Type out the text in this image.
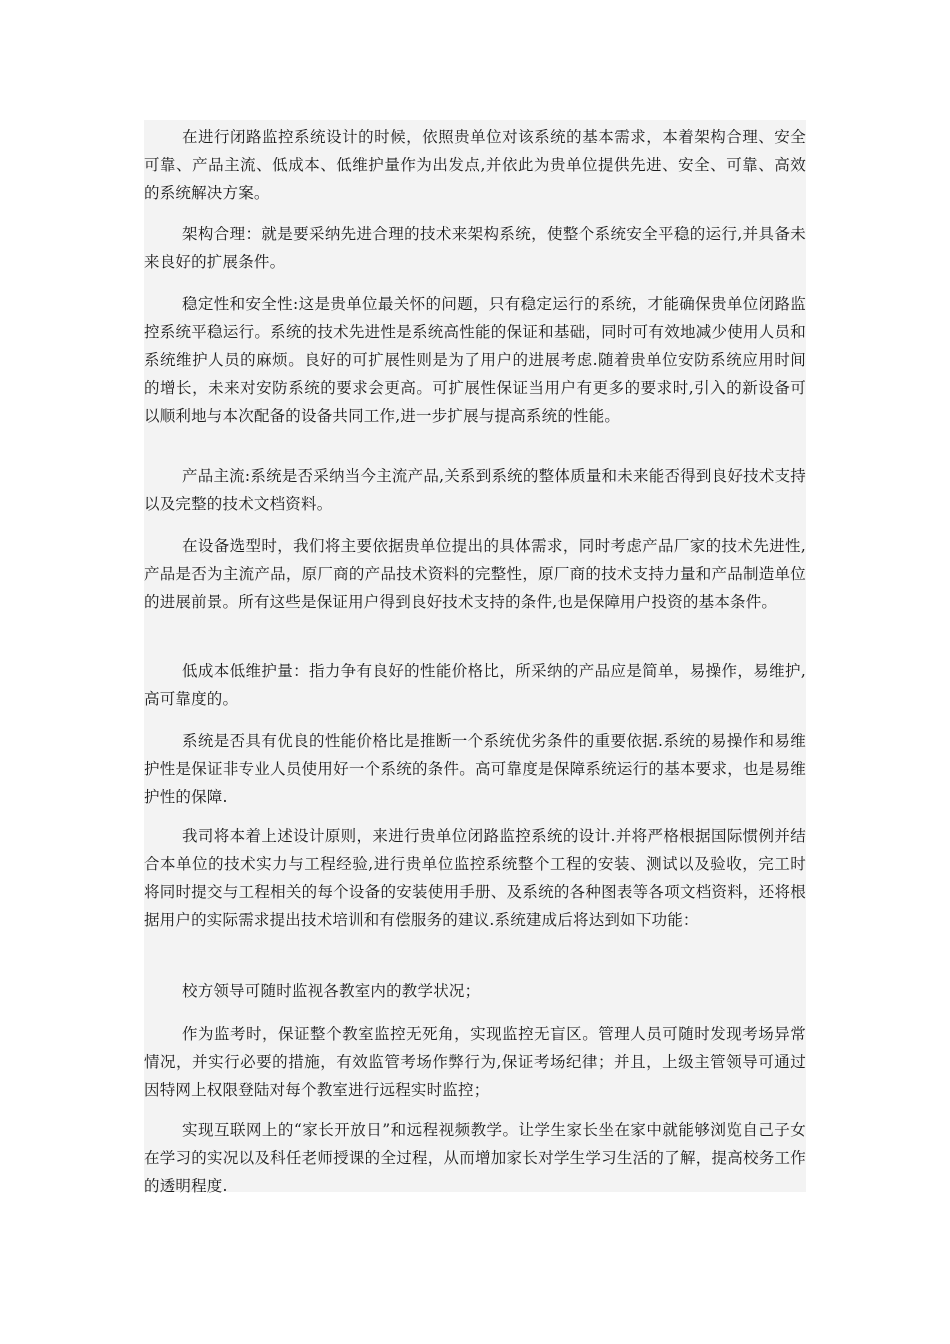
在进行闭路监控系统设计的时候，依照贵单位对该系统的基本需求，本着架构合理、安全可靠、产品主流、低成本、低维护量作为出发点,并依此为贵单位提供先进、安全、可靠、高效的系统解决方案。

架构合理：就是要采纳先进合理的技术来架构系统，使整个系统安全平稳的运行,并具备未来良好的扩展条件。

稳定性和安全性:这是贵单位最关怀的问题，只有稳定运行的系统，才能确保贵单位闭路监控系统平稳运行。系统的技术先进性是系统高性能的保证和基础，同时可有效地减少使用人员和系统维护人员的麻烦。良好的可扩展性则是为了用户的进展考虑.随着贵单位安防系统应用时间的增长，未来对安防系统的要求会更高。可扩展性保证当用户有更多的要求时,引入的新设备可以顺利地与本次配备的设备共同工作,进一步扩展与提高系统的性能。

产品主流:系统是否采纳当今主流产品,关系到系统的整体质量和未来能否得到良好技术支持以及完整的技术文档资料。

在设备选型时，我们将主要依据贵单位提出的具体需求，同时考虑产品厂家的技术先进性,产品是否为主流产品，原厂商的产品技术资料的完整性，原厂商的技术支持力量和产品制造单位的进展前景。所有这些是保证用户得到良好技术支持的条件,也是保障用户投资的基本条件。

低成本低维护量：指力争有良好的性能价格比，所采纳的产品应是简单，易操作，易维护,高可靠度的。

系统是否具有优良的性能价格比是推断一个系统优劣条件的重要依据.系统的易操作和易维护性是保证非专业人员使用好一个系统的条件。高可靠度是保障系统运行的基本要求，也是易维护性的保障.

我司将本着上述设计原则，来进行贵单位闭路监控系统的设计.并将严格根据国际惯例并结合本单位的技术实力与工程经验,进行贵单位监控系统整个工程的安装、测试以及验收，完工时将同时提交与工程相关的每个设备的安装使用手册、及系统的各种图表等各项文档资料，还将根据用户的实际需求提出技术培训和有偿服务的建议.系统建成后将达到如下功能：

校方领导可随时监视各教室内的教学状况；

作为监考时，保证整个教室监控无死角，实现监控无盲区。管理人员可随时发现考场异常情况，并实行必要的措施，有效监管考场作弊行为,保证考场纪律；并且，上级主管领导可通过因特网上权限登陆对每个教室进行远程实时监控；

实现互联网上的“家长开放日”和远程视频教学。让学生家长坐在家中就能够浏览自己子女在学习的实况以及科任老师授课的全过程，从而增加家长对学生学习生活的了解，提高校务工作的透明程度.
